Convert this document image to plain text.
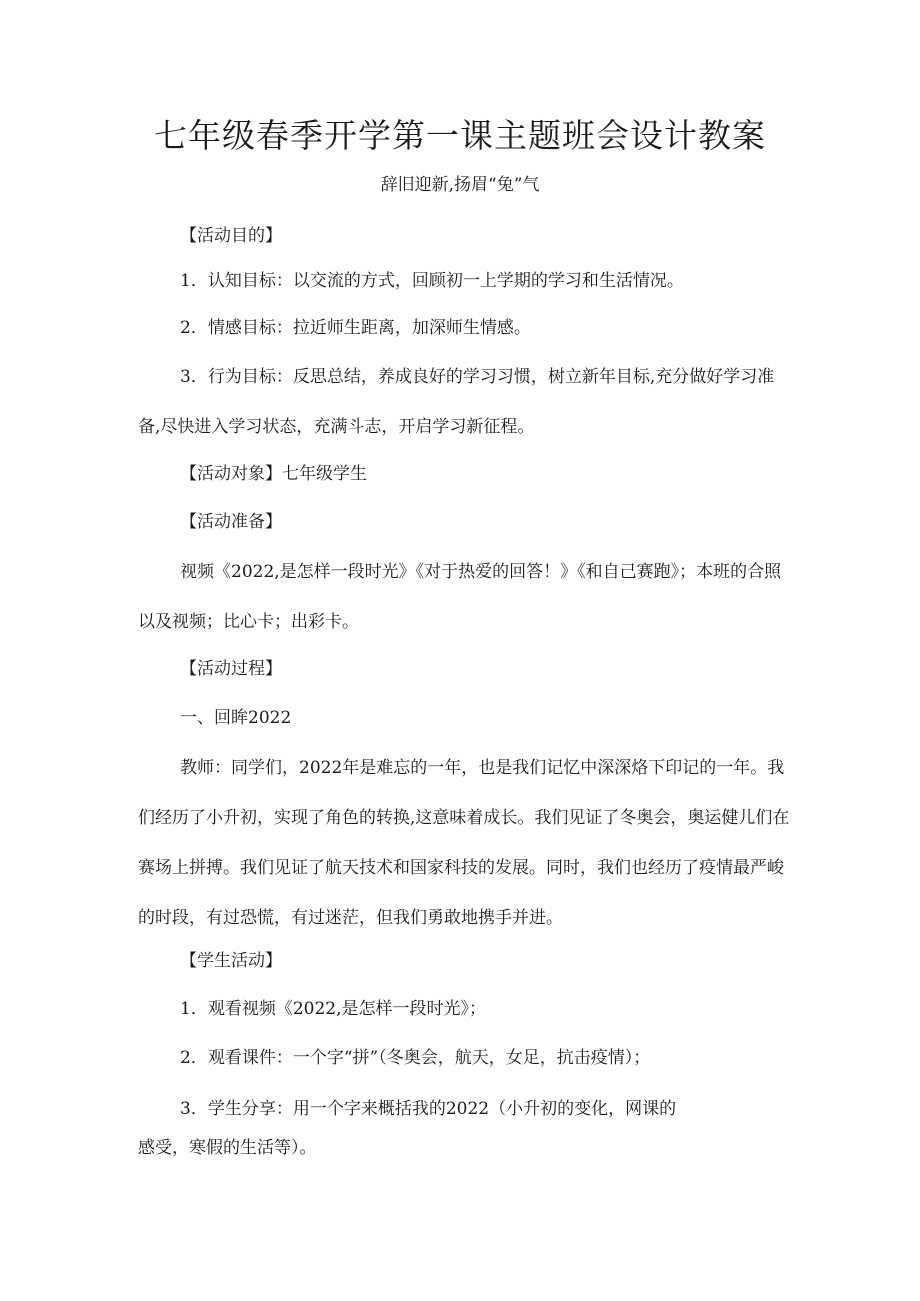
七年级春季开学第一课主题班会设计教案

辞旧迎新,扬眉“兔”气

【活动目的】

1．认知目标：以交流的方式，回顾初一上学期的学习和生活情况。

2．情感目标：拉近师生距离，加深师生情感。

3．行为目标：反思总结，养成良好的学习习惯，树立新年目标,充分做好学习准备,尽快进入学习状态，充满斗志，开启学习新征程。

【活动对象】七年级学生

【活动准备】

视频《2022,是怎样一段时光》《对于热爱的回答！》《和自己赛跑》；本班的合照以及视频；比心卡；出彩卡。

【活动过程】

一、回眸2022

教师：同学们，2022年是难忘的一年，也是我们记忆中深深烙下印记的一年。我们经历了小升初，实现了角色的转换,这意味着成长。我们见证了冬奥会，奥运健儿们在赛场上拼搏。我们见证了航天技术和国家科技的发展。同时，我们也经历了疫情最严峻的时段，有过恐慌，有过迷茫，但我们勇敢地携手并进。

【学生活动】

1．观看视频《2022,是怎样一段时光》；

2．观看课件：一个字“拼”（冬奥会，航天，女足，抗击疫情）；

3．学生分享：用一个字来概括我的2022（小升初的变化，网课的

感受，寒假的生活等）。
